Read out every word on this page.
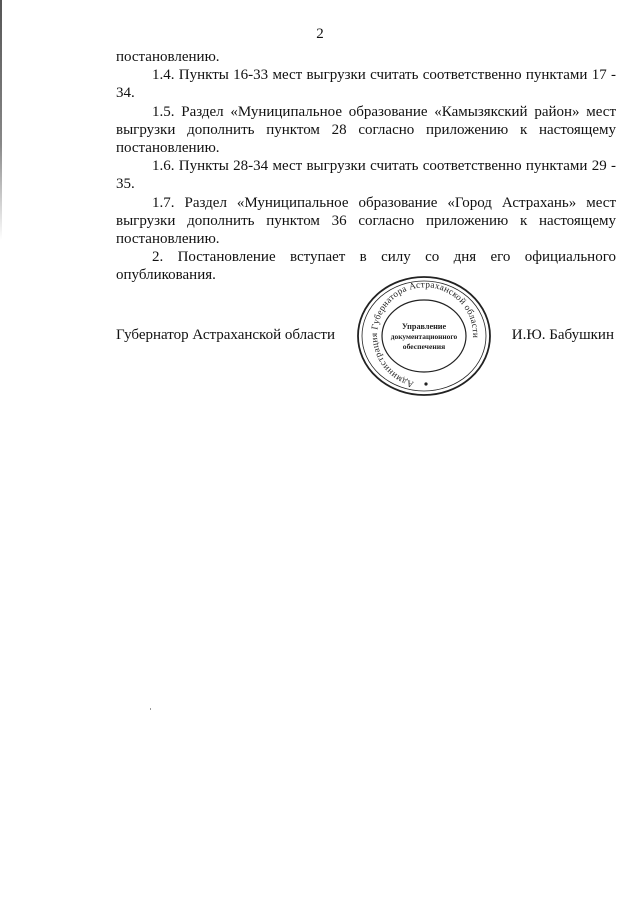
2

постановлению.

1.4. Пункты 16-33 мест выгрузки считать соответственно пунктами 17 - 34.

1.5. Раздел «Муниципальное образование «Камызякский район» мест выгрузки дополнить пунктом 28 согласно приложению к настоящему постановлению.

1.6. Пункты 28-34 мест выгрузки считать соответственно пунктами 29 - 35.

1.7. Раздел «Муниципальное образование «Город Астрахань» мест выгрузки дополнить пунктом 36 согласно приложению к настоящему постановлению.

2. Постановление вступает в силу со дня его официального опубликования.

Губернатор Астраханской области	И.Ю. Бабушкин
Администрация Губернатора Астраханской области
Управление
документационного
обеспечения
